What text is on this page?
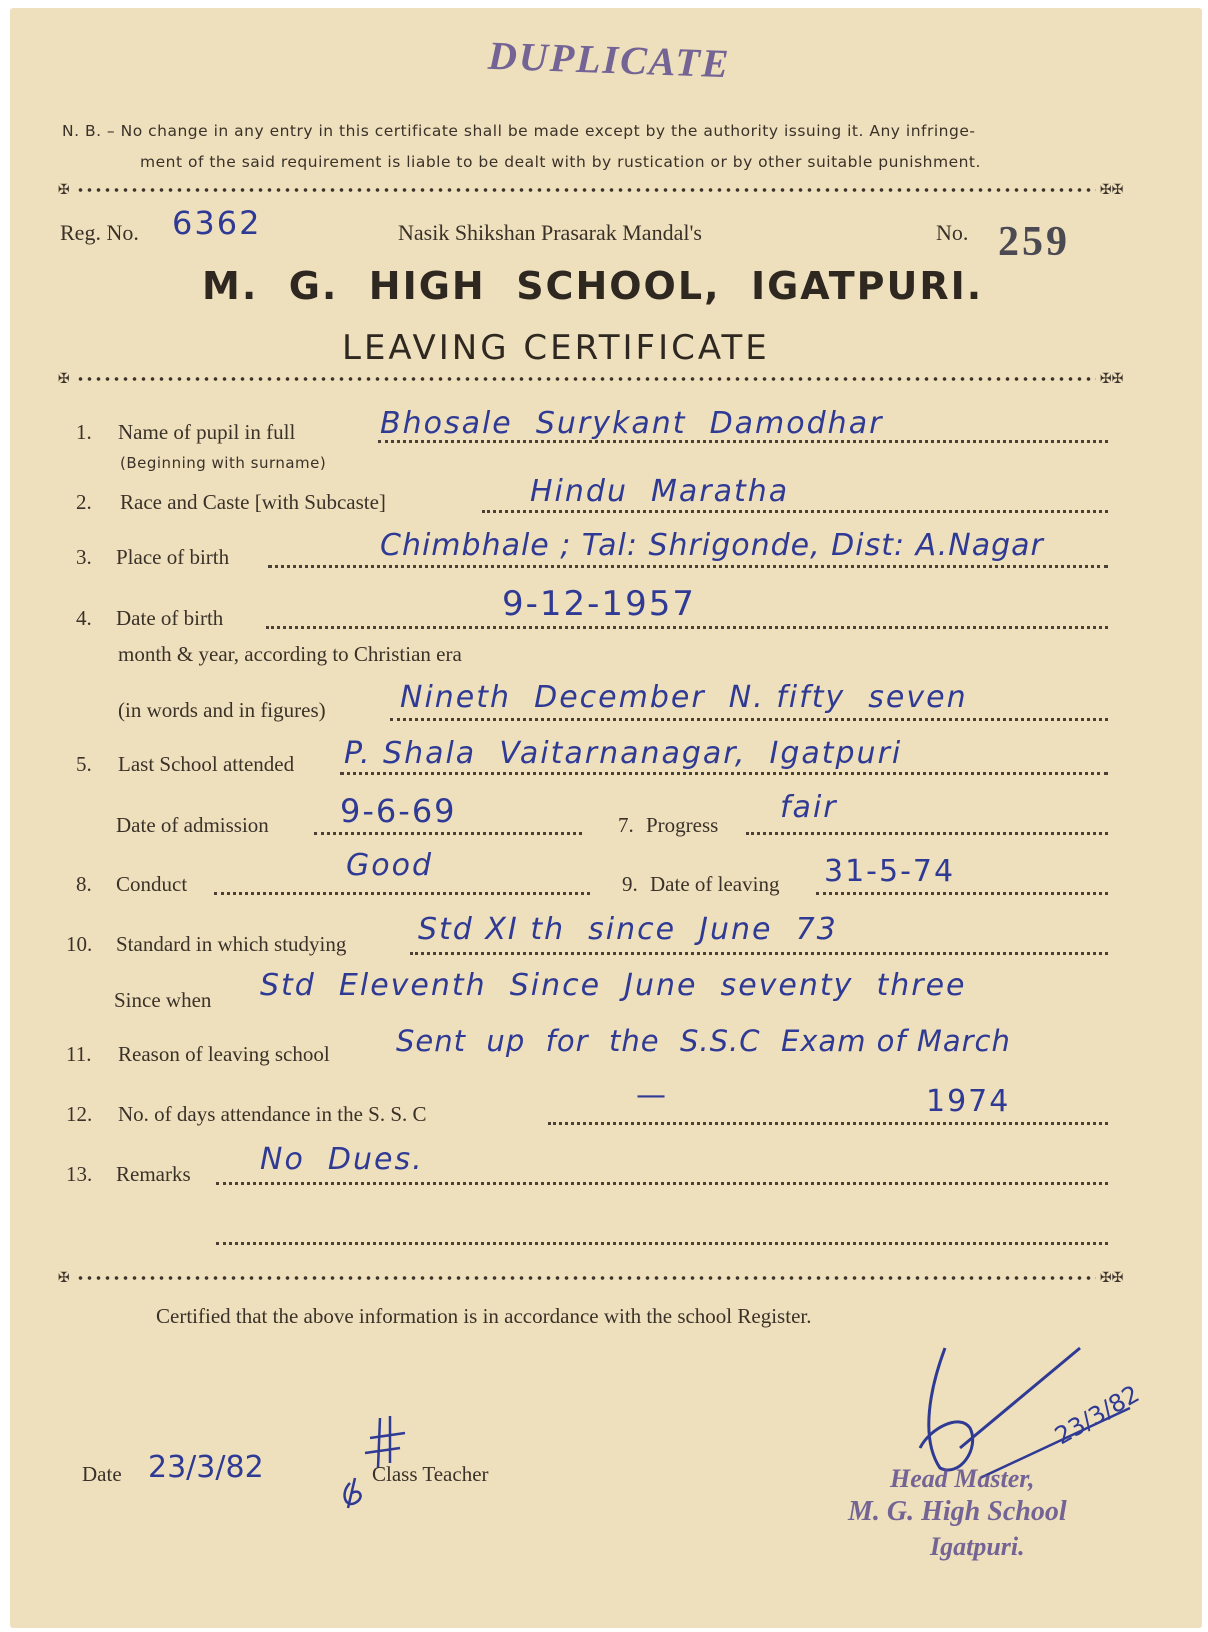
DUPLICATE
N. B. – No change in any entry in this certificate shall be made except by the authority issuing it. Any infringe-
ment of the said requirement is liable to be dealt with by rustication or by other suitable punishment.
✠	✠✠
Reg. No. 6362	Nasik Shikshan Prasarak Mandal's	No. 259
M.  G.  HIGH  SCHOOL,  IGATPURI.
LEAVING CERTIFICATE
✠	✠✠
1. Name of pupil in full
(Beginning with surname)
Bhosale  Surykant  Damodhar
2. Race and Caste [with Subcaste]	Hindu  Maratha
3. Place of birth	Chimbhale ; Tal: Shrigonde, Dist: A.Nagar
4. Date of birth	9-12-1957
month & year, according to Christian era
(in words and in figures) Nineth  December  N. fifty  seven
5. Last School attended P. Shala  Vaitarnanagar,  Igatpuri
Date of admission 9-6-69	7. Progress fair
8. Conduct
Good
9. Date of leaving 31-5-74
10. Standard in which studying Std XI th  since  June  73
Since when Std  Eleventh  Since  June  seventy  three
11. Reason of leaving school Sent  up  for  the  S.S.C  Exam of March
12. No. of days attendance in the S. S. C
—	1974
13. Remarks No  Dues.
✠	✠✠
Certified that the above information is in accordance with the school Register.
Date 23/3/82	Class Teacher
23/3/82
Head Master,
M. G. High School
Igatpuri.
